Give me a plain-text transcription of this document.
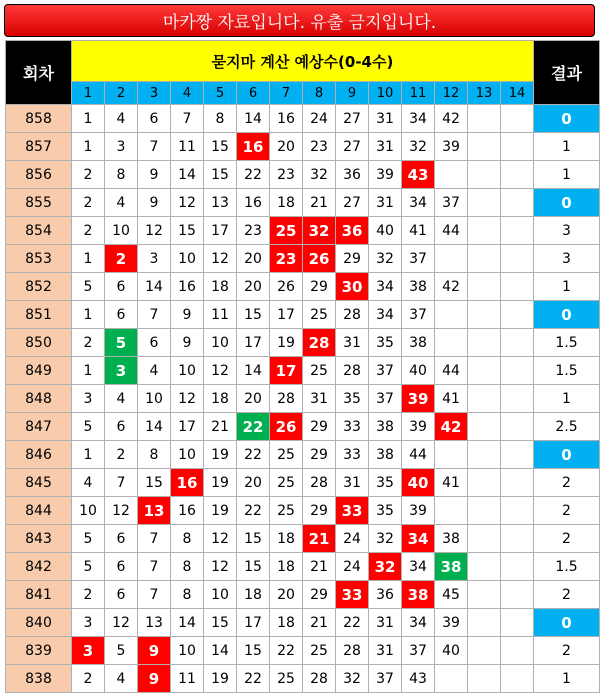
마카짱 자료입니다. 유출 금지입니다.
회차	묻지마 계산 예상수(0-4수)														결과
	1	2	3	4	5	6	7	8	9	10	11	12	13	14	
858	1	4	6	7	8	14	16	24	27	31	34	42			0
857	1	3	7	11	15	16	20	23	27	31	32	39			1
856	2	8	9	14	15	22	23	32	36	39	43				1
855	2	4	9	12	13	16	18	21	27	31	34	37			0
854	2	10	12	15	17	23	25	32	36	40	41	44			3
853	1	2	3	10	12	20	23	26	29	32	37				3
852	5	6	14	16	18	20	26	29	30	34	38	42			1
851	1	6	7	9	11	15	17	25	28	34	37				0
850	2	5	6	9	10	17	19	28	31	35	38				1.5
849	1	3	4	10	12	14	17	25	28	37	40	44			1.5
848	3	4	10	12	18	20	28	31	35	37	39	41			1
847	5	6	14	17	21	22	26	29	33	38	39	42			2.5
846	1	2	8	10	19	22	25	29	33	38	44				0
845	4	7	15	16	19	20	25	28	31	35	40	41			2
844	10	12	13	16	19	22	25	29	33	35	39				2
843	5	6	7	8	12	15	18	21	24	32	34	38			2
842	5	6	7	8	12	15	18	21	24	32	34	38			1.5
841	2	6	7	8	10	18	20	29	33	36	38	45			2
840	3	12	13	14	15	17	18	21	22	31	34	39			0
839	3	5	9	10	14	15	22	25	28	31	37	40			2
838	2	4	9	11	19	22	25	28	32	37	43				1
